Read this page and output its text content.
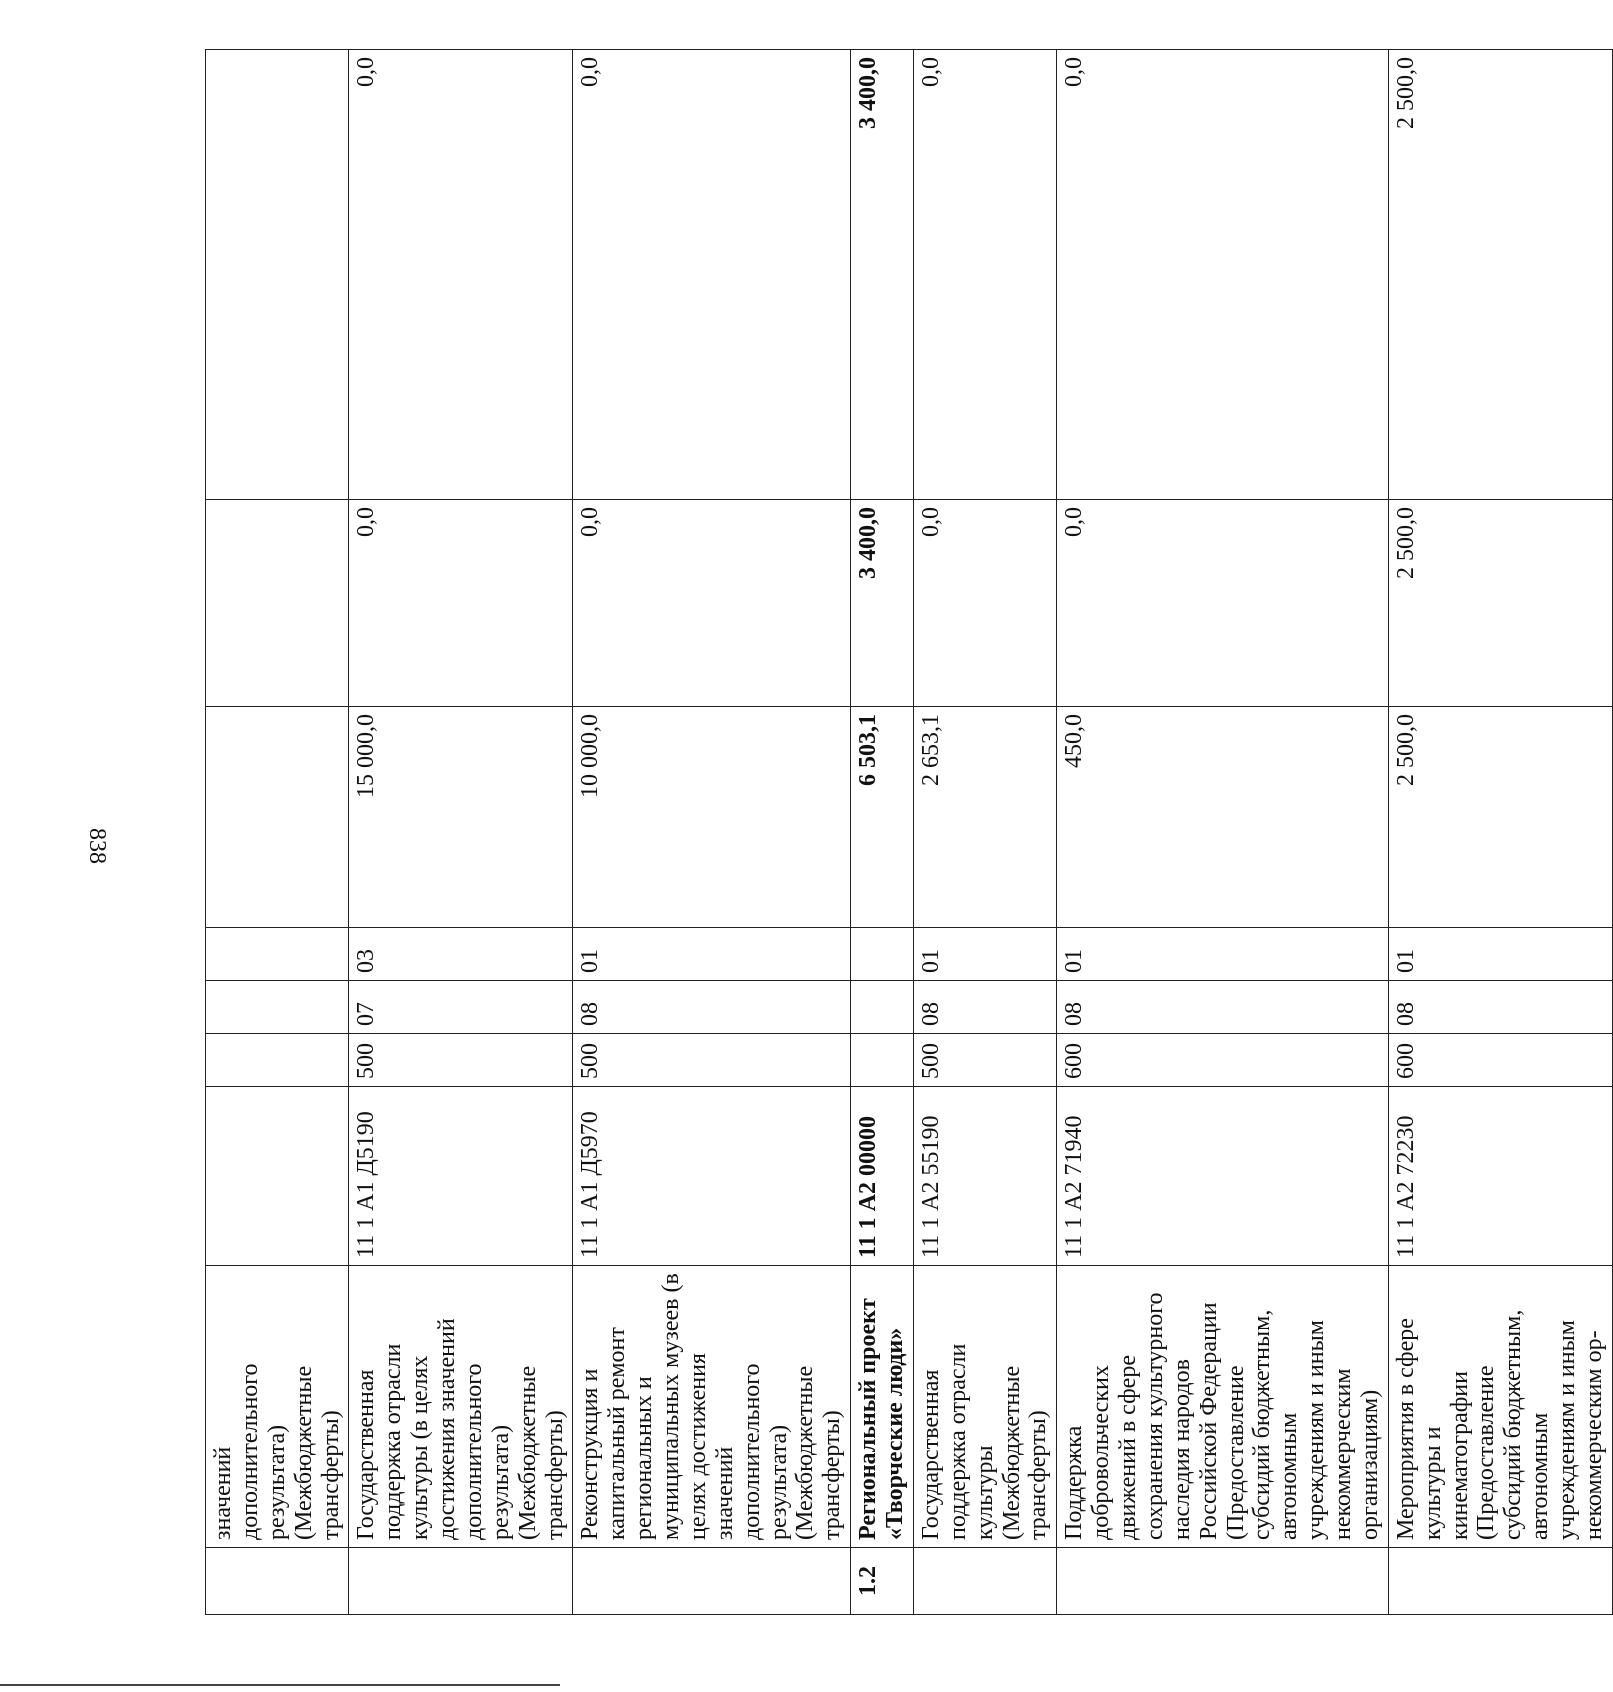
838
	значений дополнительного результата) (Межбюджетные трансферты)							
	Государственная поддержка отрасли культуры (в целях достижения значений дополнительного результата) (Межбюджетные трансферты)	11 1 А1 Д5190	500	07	03	15 000,0	0,0	0,0
	Реконструкция и капитальный ремонт региональных и муниципальных музеев (в целях достижения значений дополнительного результата) (Межбюджетные трансферты)	11 1 А1 Д5970	500	08	01	10 000,0	0,0	0,0
1.2	Региональный проект «Творческие люди»	11 1 А2 00000				6 503,1	3 400,0	3 400,0
	Государственная поддержка отрасли культуры (Межбюджетные трансферты)	11 1 А2 55190	500	08	01	2 653,1	0,0	0,0
	Поддержка добровольческих движений в сфере сохранения культурного наследия народов Российской Федерации (Предоставление субсидий бюджетным, автономным учреждениям и иным некоммерческим организациям)	11 1 А2 71940	600	08	01	450,0	0,0	0,0
	Мероприятия в сфере культуры и кинематографии (Предоставление субсидий бюджетным, автономным учреждениям и иным некоммерческим ор-	11 1 А2 72230	600	08	01	2 500,0	2 500,0	2 500,0
